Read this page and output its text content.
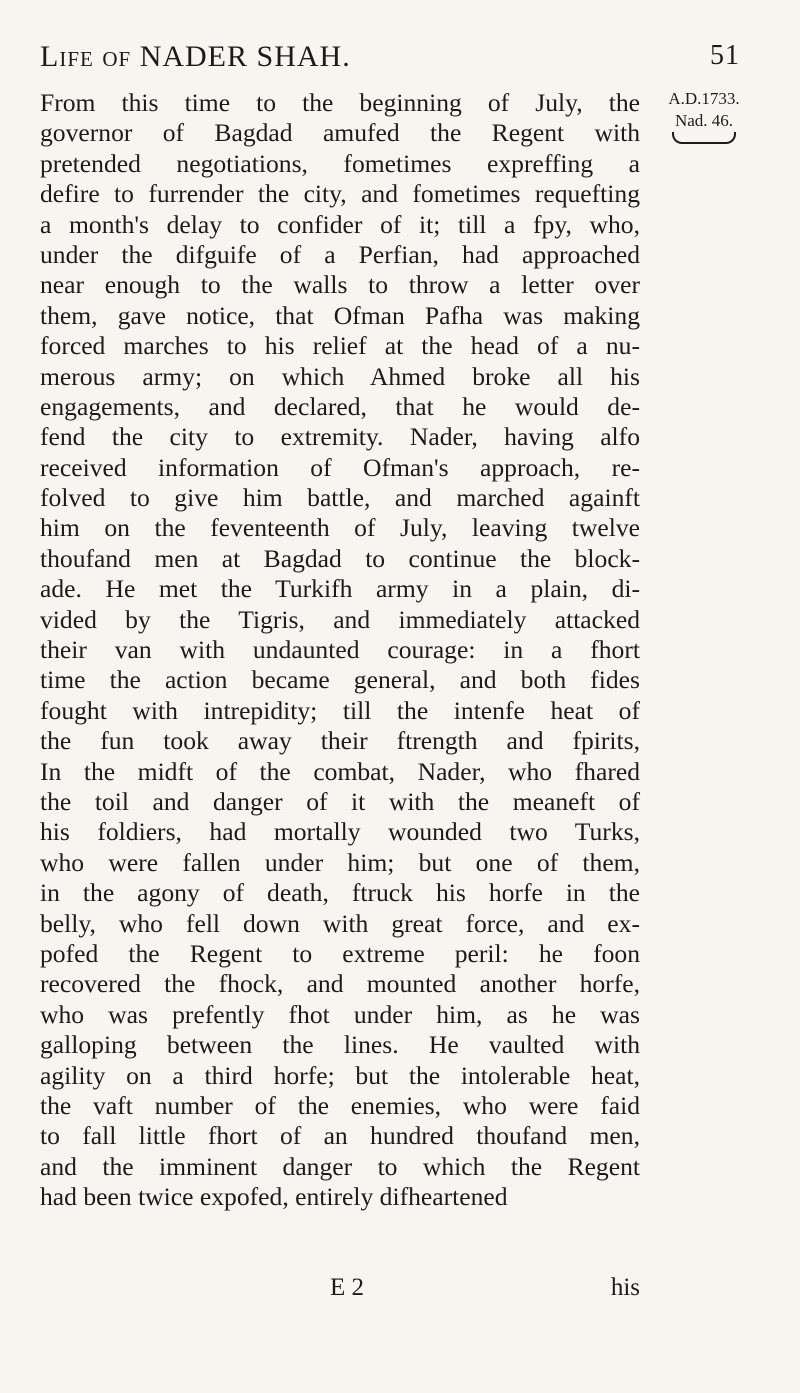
Life of NADER SHAH.	51
A.D.1733.
Nad. 46.
From this time to the beginning of July, the
governor of Bagdad amufed the Regent with
pretended negotiations, fometimes expreffing a
defire to furrender the city, and fometimes requefting
a month's delay to confider of it; till a fpy, who,
under the difguife of a Perfian, had approached
near enough to the walls to throw a letter over
them, gave notice, that Ofman Pafha was making
forced marches to his relief at the head of a nu-
merous army; on which Ahmed broke all his
engagements, and declared, that he would de-
fend the city to extremity. Nader, having alfo
received information of Ofman's approach, re-
folved to give him battle, and marched againft
him on the feventeenth of July, leaving twelve
thoufand men at Bagdad to continue the block-
ade. He met the Turkifh army in a plain, di-
vided by the Tigris, and immediately attacked
their van with undaunted courage: in a fhort
time the action became general, and both fides
fought with intrepidity; till the intenfe heat of
the fun took away their ftrength and fpirits,
In the midft of the combat, Nader, who fhared
the toil and danger of it with the meaneft of
his foldiers, had mortally wounded two Turks,
who were fallen under him; but one of them,
in the agony of death, ftruck his horfe in the
belly, who fell down with great force, and ex-
pofed the Regent to extreme peril: he foon
recovered the fhock, and mounted another horfe,
who was prefently fhot under him, as he was
galloping between the lines. He vaulted with
agility on a third horfe; but the intolerable heat,
the vaft number of the enemies, who were faid
to fall little fhort of an hundred thoufand men,
and the imminent danger to which the Regent
had been twice expofed, entirely difheartened
E 2	his
